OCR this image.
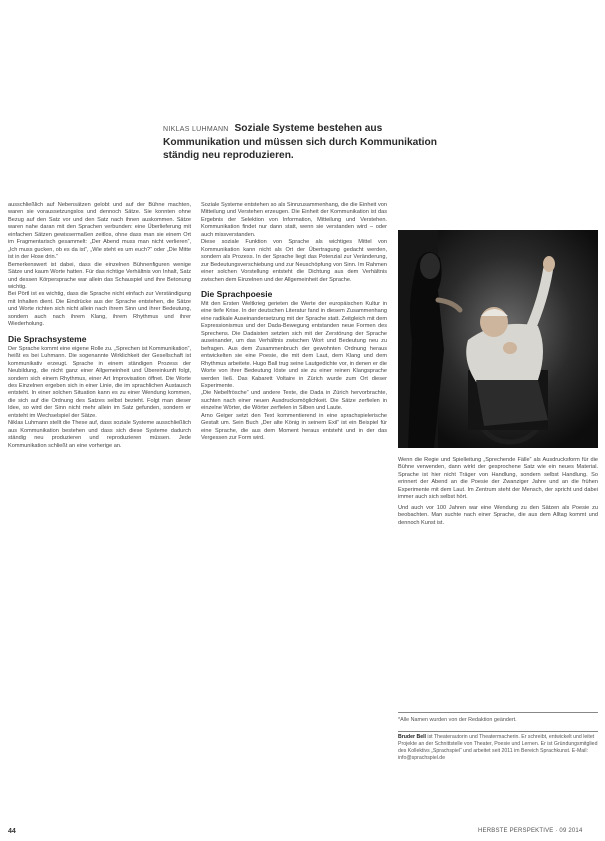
NIKLAS LUHMANN Soziale Systeme bestehen aus Kommunikation und müssen sich durch Kommunikation ständig neu reproduzieren.

ausschließlich auf Nebensätzen gelobt und auf der Bühne machten, waren sie voraussetzungslos und dennoch Sätze. Sie konnten ohne Bezug auf den Satz vor und den Satz nach ihnen auskommen. Sätze waren nahe daran mit den Sprachen verbunden: eine Überlieferung mit einfachen Sätzen gewissermaßen zeitlos, ohne dass man sie einem Ort im Fragmentarisch gesammelt: „Der Abend muss man nicht verlieren“, „Ich muss gucken, ob es da ist“, „Wie steht es um euch?“ oder „Die Mitte ist in der Hose drin.“

Bemerkenswert ist dabei, dass die einzelnen Bühnenfiguren wenige Sätze und kaum Worte hatten. Für das richtige Verhältnis von Inhalt, Satz und dessen Körpersprache war allein das Schauspiel und ihre Betonung wichtig.

Bei Pörtl ist es wichtig, dass die Sprache nicht einfach zur Verständigung mit Inhalten dient. Die Eindrücke aus der Sprache entstehen, die Sätze und Worte richten sich nicht allein nach ihrem Sinn und ihrer Bedeutung, sondern auch nach ihrem Klang, ihrem Rhythmus und ihrer Wiederholung.

Die Sprachsysteme

Der Sprache kommt eine eigene Rolle zu. „Sprechen ist Kommunikation“, heißt es bei Luhmann. Die sogenannte Wirklichkeit der Gesellschaft ist kommunikativ erzeugt. Sprache in einem ständigen Prozess der Neubildung, die nicht ganz einer Allgemeinheit und Übereinkunft folgt, sondern sich einem Rhythmus, einer Art Improvisation öffnet. Die Worte des Einzelnen ergeben sich in einer Linie, die im sprachlichen Austausch entsteht. In einer solchen Situation kann es zu einer Wendung kommen, die sich auf die Ordnung des Satzes selbst bezieht. Folgt man dieser Idee, so wird der Sinn nicht mehr allein im Satz gefunden, sondern er entsteht im Wechselspiel der Sätze.

Niklas Luhmann stellt die These auf, dass soziale Systeme ausschließlich aus Kommunikation bestehen und dass sich diese Systeme dadurch ständig neu produzieren und reproduzieren müssen. Jede Kommunikation schließt an eine vorherige an.

Soziale Systeme entstehen so als Sinnzusammenhang, die die Einheit von Mitteilung und Verstehen erzeugen. Die Einheit der Kommunikation ist das Ergebnis der Selektion von Information, Mitteilung und Verstehen. Kommunikation findet nur dann statt, wenn sie verstanden wird – oder auch missverstanden.

Diese soziale Funktion von Sprache als wichtiges Mittel von Kommunikation kann nicht als Ort der Übertragung gedacht werden, sondern als Prozess. In der Sprache liegt das Potenzial zur Veränderung, zur Bedeutungsverschiebung und zur Neuschöpfung von Sinn. Im Rahmen einer solchen Vorstellung entsteht die Dichtung aus dem Verhältnis zwischen dem Einzelnen und der Allgemeinheit der Sprache.

Die Sprachpoesie

Mit den Ersten Weltkrieg gerieten die Werte der europäischen Kultur in eine tiefe Krise. In der deutschen Literatur fand in diesem Zusammenhang eine radikale Auseinandersetzung mit der Sprache statt. Zeitgleich mit dem Expressionismus und der Dada-Bewegung entstanden neue Formen des Sprechens. Die Dadaisten setzten sich mit der Zerstörung der Sprache auseinander, um das Verhältnis zwischen Wort und Bedeutung neu zu befragen. Aus dem Zusammenbruch der gewohnten Ordnung heraus entwickelten sie eine Poesie, die mit dem Laut, dem Klang und dem Rhythmus arbeitete. Hugo Ball trug seine Lautgedichte vor, in denen er die Worte von ihrer Bedeutung löste und sie zu einer reinen Klangsprache werden ließ. Das Kabarett Voltaire in Zürich wurde zum Ort dieser Experimente.

„Die Nebelfrösche“ und andere Texte, die Dada in Zürich hervorbrachte, suchten nach einer neuen Ausdrucksmöglichkeit. Die Sätze zerfielen in einzelne Wörter, die Wörter zerfielen in Silben und Laute.

Arno Geiger setzt den Text kommentierend in eine sprachspielerische Gestalt um. Sein Buch „Der alte König in seinem Exil“ ist ein Beispiel für eine Sprache, die aus dem Moment heraus entsteht und in der das Vergessen zur Form wird.

Wenn die Regie und Spielleitung „Sprechende Fälle“ als Ausdrucksform für die Bühne verwenden, dann wirkt der gesprochene Satz wie ein neues Material. Sprache ist hier nicht Träger von Handlung, sondern selbst Handlung. So erinnert der Abend an die Poesie der Zwanziger Jahre und an die frühen Experimente mit dem Laut. Im Zentrum steht der Mensch, der spricht und dabei immer auch sich selbst hört.

Und auch vor 100 Jahren war eine Wendung zu den Sätzen als Poesie zu beobachten. Man suchte nach einer Sprache, die aus dem Alltag kommt und dennoch Kunst ist.

*Alle Namen wurden von der Redaktion geändert.
Bruder Bell ist Theaterautorin und Theatermacherin. Er schreibt, entwickelt und leitet Projekte an der Schnittstelle von Theater, Poesie und Lernen. Er ist Gründungsmitglied des Kollektivs „Sprachspiel“ und arbeitet seit 2011 im Bereich Sprachkunst. E-Mail: info@sprachspiel.de
44	HERBSTE PERSPEKTIVE · 09 2014
